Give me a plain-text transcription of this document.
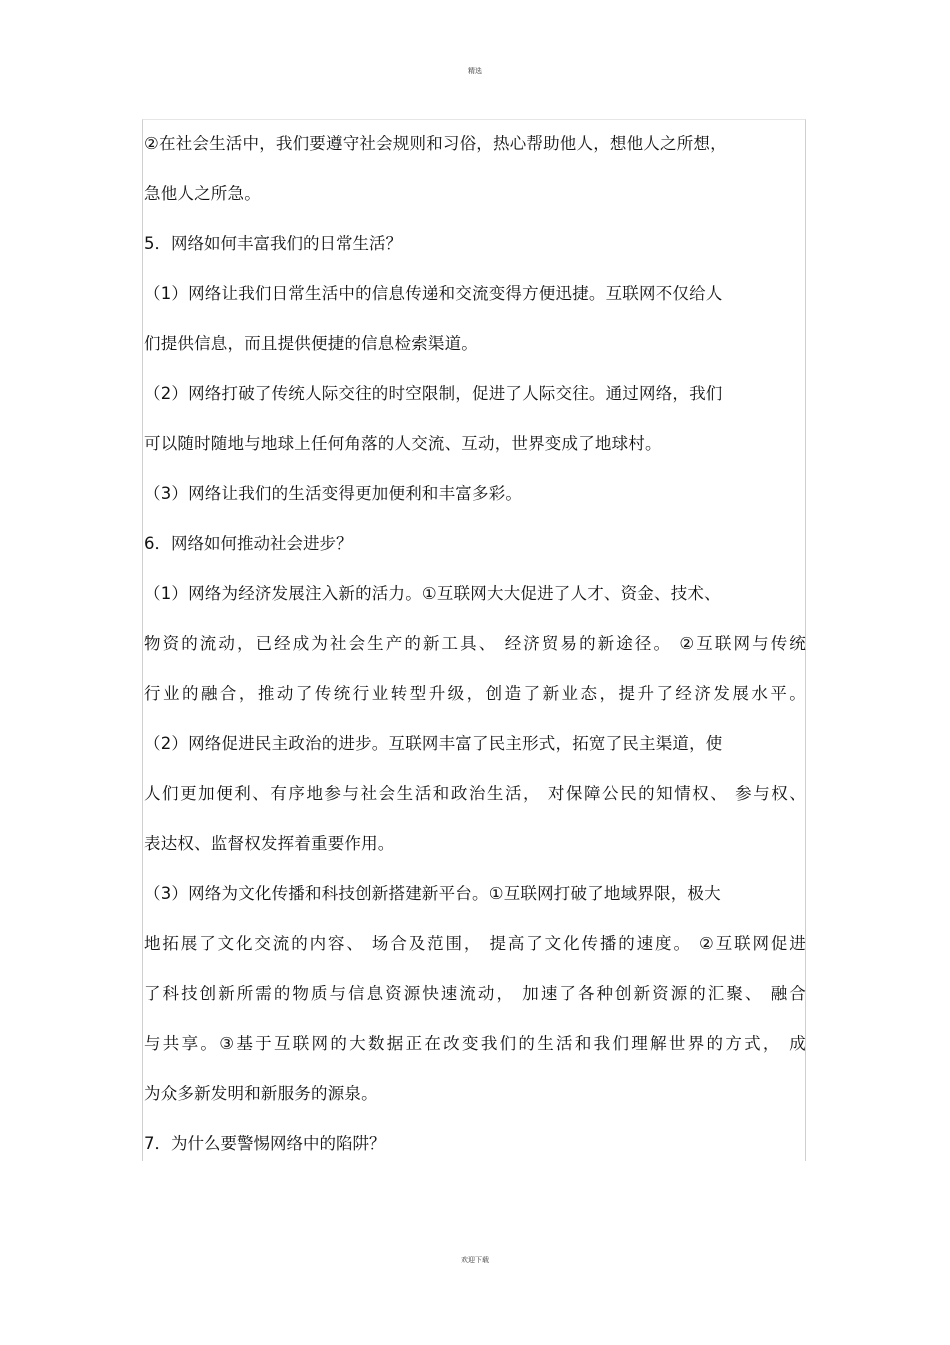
精选
②在社会生活中，我们要遵守社会规则和习俗，热心帮助他人，想他人之所想，
急他人之所急。
5．网络如何丰富我们的日常生活？
（1）网络让我们日常生活中的信息传递和交流变得方便迅捷。互联网不仅给人
们提供信息，而且提供便捷的信息检索渠道。
（2）网络打破了传统人际交往的时空限制，促进了人际交往。通过网络，我们
可以随时随地与地球上任何角落的人交流、互动，世界变成了地球村。
（3）网络让我们的生活变得更加便利和丰富多彩。
6．网络如何推动社会进步？
（1）网络为经济发展注入新的活力。①互联网大大促进了人才、资金、技术、
物资的流动，已经成为社会生产的新工具、 经济贸易的新途径。 ②互联网与传统
行业的融合，推动了传统行业转型升级，创造了新业态，提升了经济发展水平。
（2）网络促进民主政治的进步。互联网丰富了民主形式，拓宽了民主渠道，使
人们更加便利、有序地参与社会生活和政治生活， 对保障公民的知情权、 参与权、
表达权、监督权发挥着重要作用。
（3）网络为文化传播和科技创新搭建新平台。①互联网打破了地域界限，极大
地拓展了文化交流的内容、 场合及范围， 提高了文化传播的速度。 ②互联网促进
了科技创新所需的物质与信息资源快速流动， 加速了各种创新资源的汇聚、 融合
与共享。③基于互联网的大数据正在改变我们的生活和我们理解世界的方式， 成
为众多新发明和新服务的源泉。
7．为什么要警惕网络中的陷阱？
欢迎下载
